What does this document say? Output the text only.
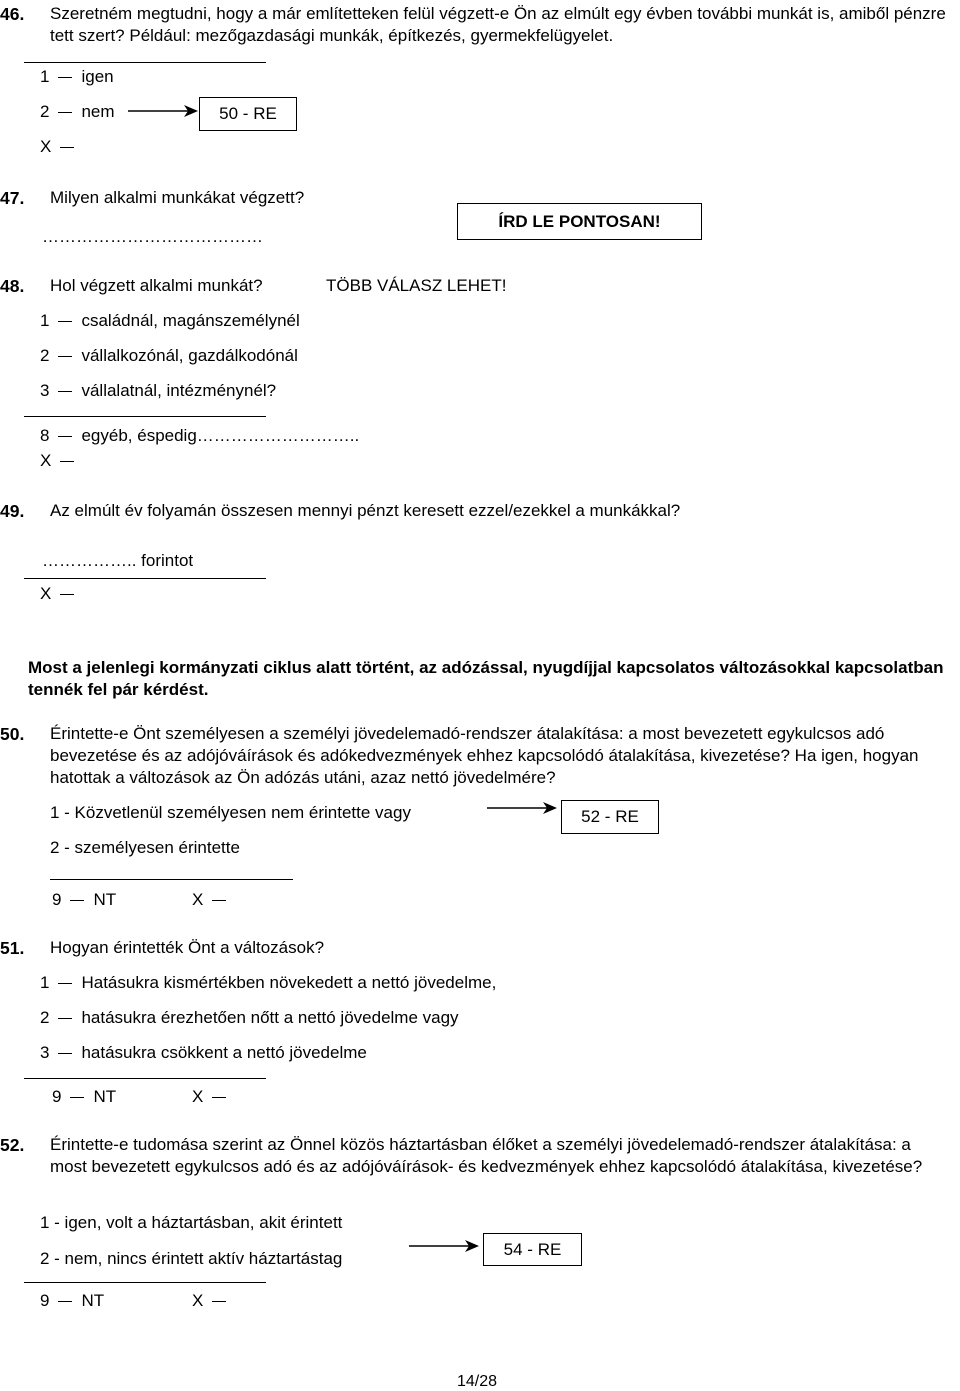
46. Szeretném megtudni, hogy a már említetteken felül végzett-e Ön az elmúlt egy évben további munkát is, amiből pénzre tett szert? Például: mezőgazdasági munkák, építkezés, gyermekfelügyelet.
1 igen
2 nem
X
50 - RE
47. Milyen alkalmi munkákat végzett?
…………………………………
ÍRD LE PONTOSAN!
48. Hol végzett alkalmi munkát?	TÖBB VÁLASZ LEHET!
1 családnál, magánszemélynél
2 vállalkozónál, gazdálkodónál
3 vállalatnál, intézménynél?
8 egyéb, éspedig………………………..
X
49. Az elmúlt év folyamán összesen mennyi pénzt keresett ezzel/ezekkel a munkákkal?
…………….. forintot
X
Most a jelenlegi kormányzati ciklus alatt történt, az adózással, nyugdíjjal kapcsolatos változásokkal kapcsolatban tennék fel pár kérdést.
50. Érintette-e Önt személyesen a személyi jövedelemadó-rendszer átalakítása: a most bevezetett egykulcsos adó bevezetése és az adójóváírások és adókedvezmények ehhez kapcsolódó átalakítása, kivezetése? Ha igen, hogyan hatottak a változások az Ön adózás utáni, azaz nettó jövedelmére?
1 - Közvetlenül személyesen nem érintette vagy	52 - RE
2 - személyesen érintette
9 NT	X
51. Hogyan érintették Önt a változások?
1 Hatásukra kismértékben növekedett a nettó jövedelme,
2 hatásukra érezhetően nőtt a nettó jövedelme vagy
3 hatásukra csökkent a nettó jövedelme
9 NT	X
52. Érintette-e tudomása szerint az Önnel közös háztartásban élőket a személyi jövedelemadó-rendszer átalakítása: a most bevezetett egykulcsos adó és az adójóváírások- és kedvezmények ehhez kapcsolódó átalakítása, kivezetése?
1 - igen, volt a háztartásban, akit érintett
2 - nem, nincs érintett aktív háztartástag	54 - RE
9 NT	X
14/28
